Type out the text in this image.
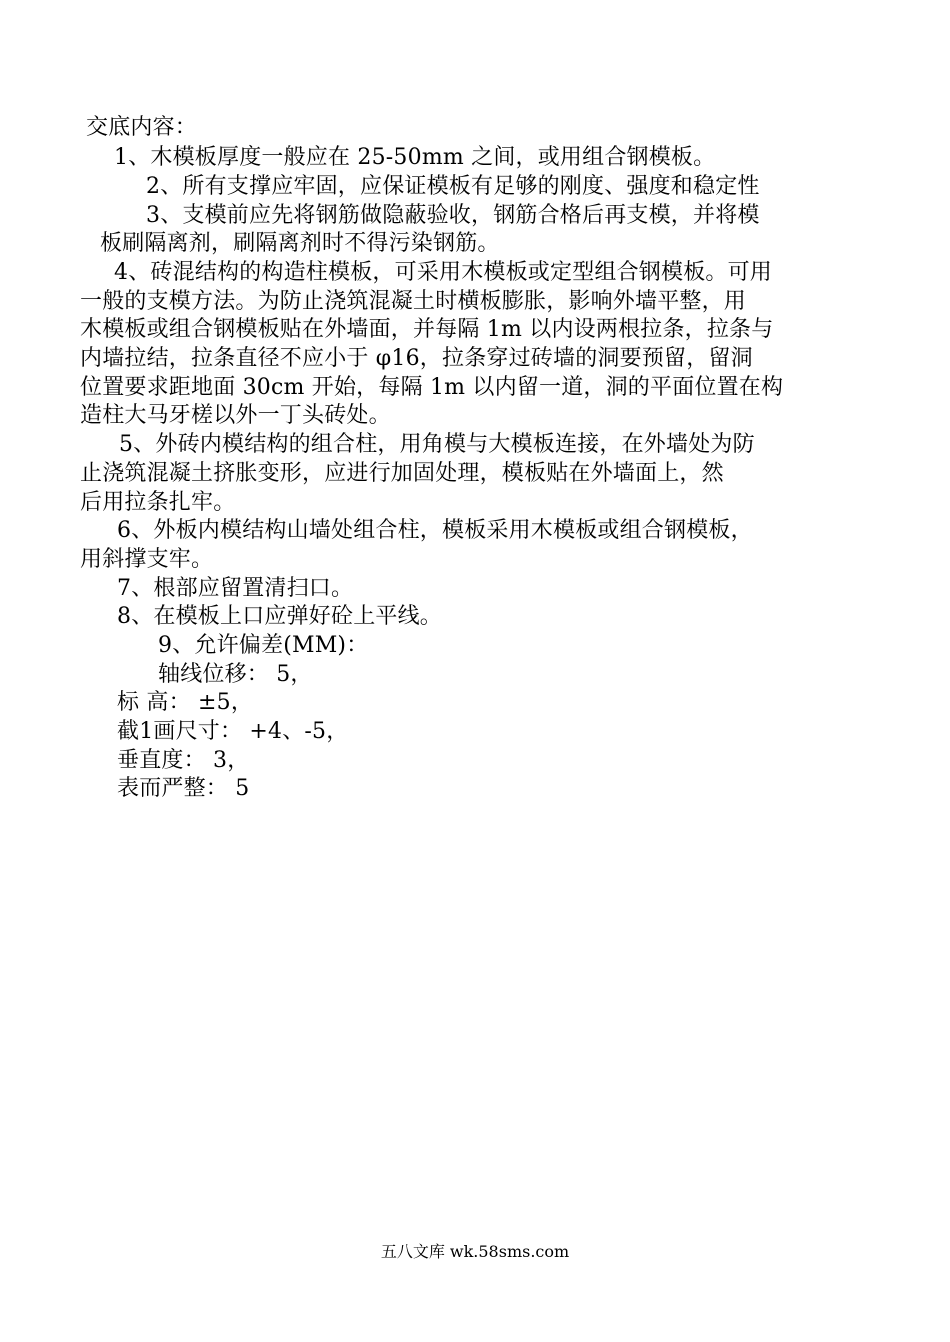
交底内容：
1、木模板厚度一般应在 25-50mm 之间，或用组合钢模板。
2、所有支撑应牢固，应保证模板有足够的刚度、强度和稳定性
3、支模前应先将钢筋做隐蔽验收，钢筋合格后再支模，并将模
板刷隔离剂，刷隔离剂时不得污染钢筋。
4、砖混结构的构造柱模板，可采用木模板或定型组合钢模板。可用
一般的支模方法。为防止浇筑混凝土时横板膨胀，影响外墙平整，用
木模板或组合钢模板贴在外墙面，并每隔 1m 以内设两根拉条，拉条与
内墙拉结，拉条直径不应小于 φ16，拉条穿过砖墙的洞要预留，留洞
位置要求距地面 30cm 开始，每隔 1m 以内留一道，洞的平面位置在构
造柱大马牙槎以外一丁头砖处。
5、外砖内模结构的组合柱，用角模与大模板连接，在外墙处为防
止浇筑混凝土挤胀变形，应进行加固处理，模板贴在外墙面上，然
后用拉条扎牢。
6、外板内模结构山墙处组合柱，模板采用木模板或组合钢模板，
用斜撑支牢。
7、根部应留置清扫口。
8、在模板上口应弹好砼上平线。
9、允许偏差(MM)：
轴线位移： 5，
标 高： ±5，
截1画尺寸： +4、-5，
垂直度： 3，
表而严整： 5
五八文库 wk.58sms.com
